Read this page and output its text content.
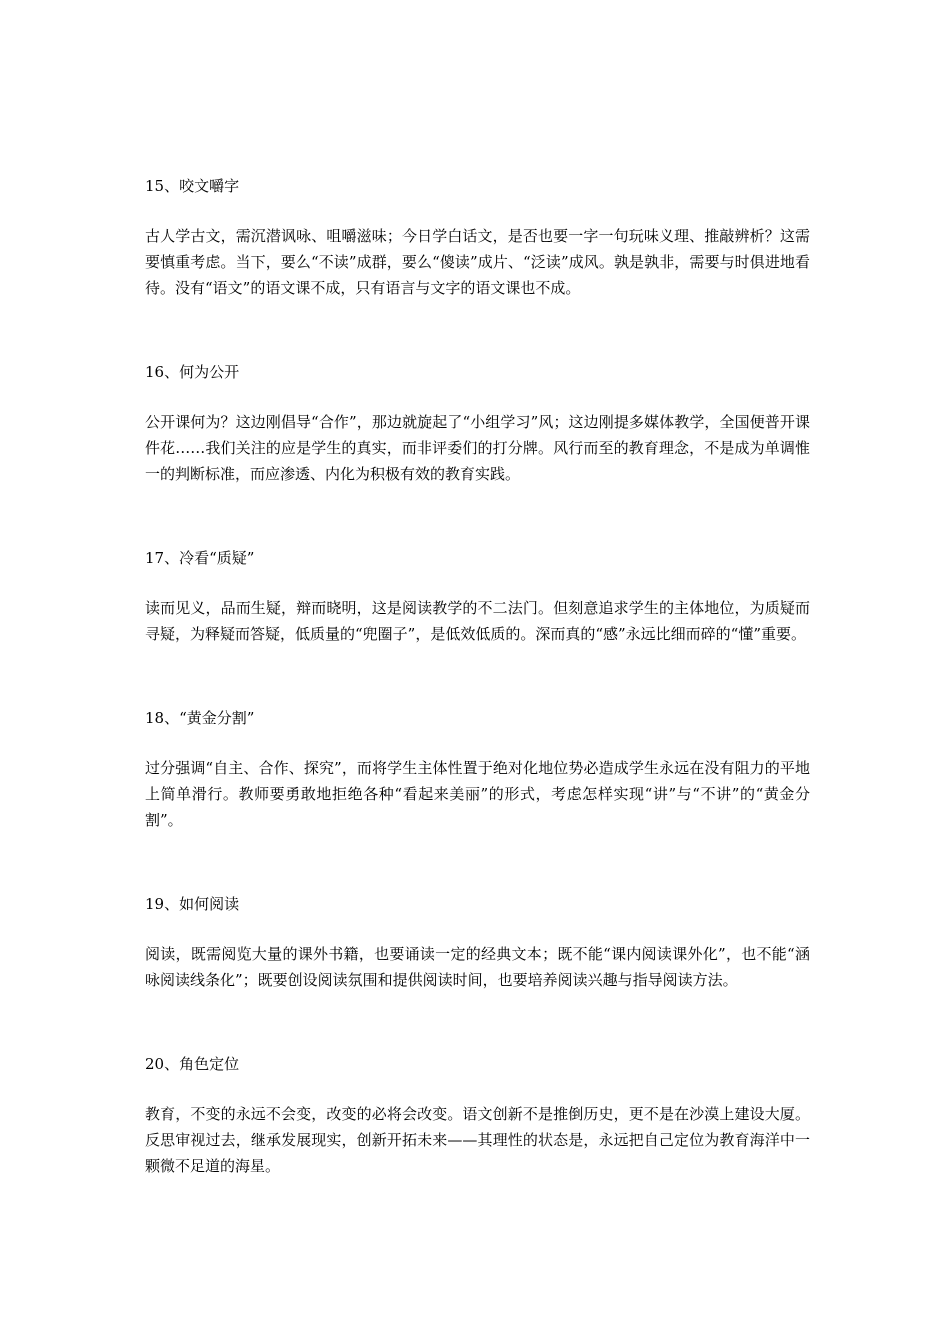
15、咬文嚼字

古人学古文，需沉潜讽咏、咀嚼滋味；今日学白话文，是否也要一字一句玩味义理、推敲辨析？这需要慎重考虑。当下，要么“不读”成群，要么“傻读”成片、“泛读”成风。孰是孰非，需要与时俱进地看待。没有“语文”的语文课不成，只有语言与文字的语文课也不成。

16、何为公开

公开课何为？这边刚倡导“合作”，那边就旋起了“小组学习”风；这边刚提多媒体教学，全国便普开课件花……我们关注的应是学生的真实，而非评委们的打分牌。风行而至的教育理念，不是成为单调惟一的判断标准，而应渗透、内化为积极有效的教育实践。

17、冷看“质疑”

读而见义，品而生疑，辩而晓明，这是阅读教学的不二法门。但刻意追求学生的主体地位，为质疑而寻疑，为释疑而答疑，低质量的“兜圈子”，是低效低质的。深而真的“感”永远比细而碎的“懂”重要。

18、“黄金分割”

过分强调“自主、合作、探究”，而将学生主体性置于绝对化地位势必造成学生永远在没有阻力的平地上简单滑行。教师要勇敢地拒绝各种“看起来美丽”的形式，考虑怎样实现“讲”与“不讲”的“黄金分割”。

19、如何阅读

阅读，既需阅览大量的课外书籍，也要诵读一定的经典文本；既不能“课内阅读课外化”，也不能“涵咏阅读线条化”；既要创设阅读氛围和提供阅读时间，也要培养阅读兴趣与指导阅读方法。

20、角色定位

教育，不变的永远不会变，改变的必将会改变。语文创新不是推倒历史，更不是在沙漠上建设大厦。反思审视过去，继承发展现实，创新开拓未来——其理性的状态是，永远把自己定位为教育海洋中一颗微不足道的海星。
